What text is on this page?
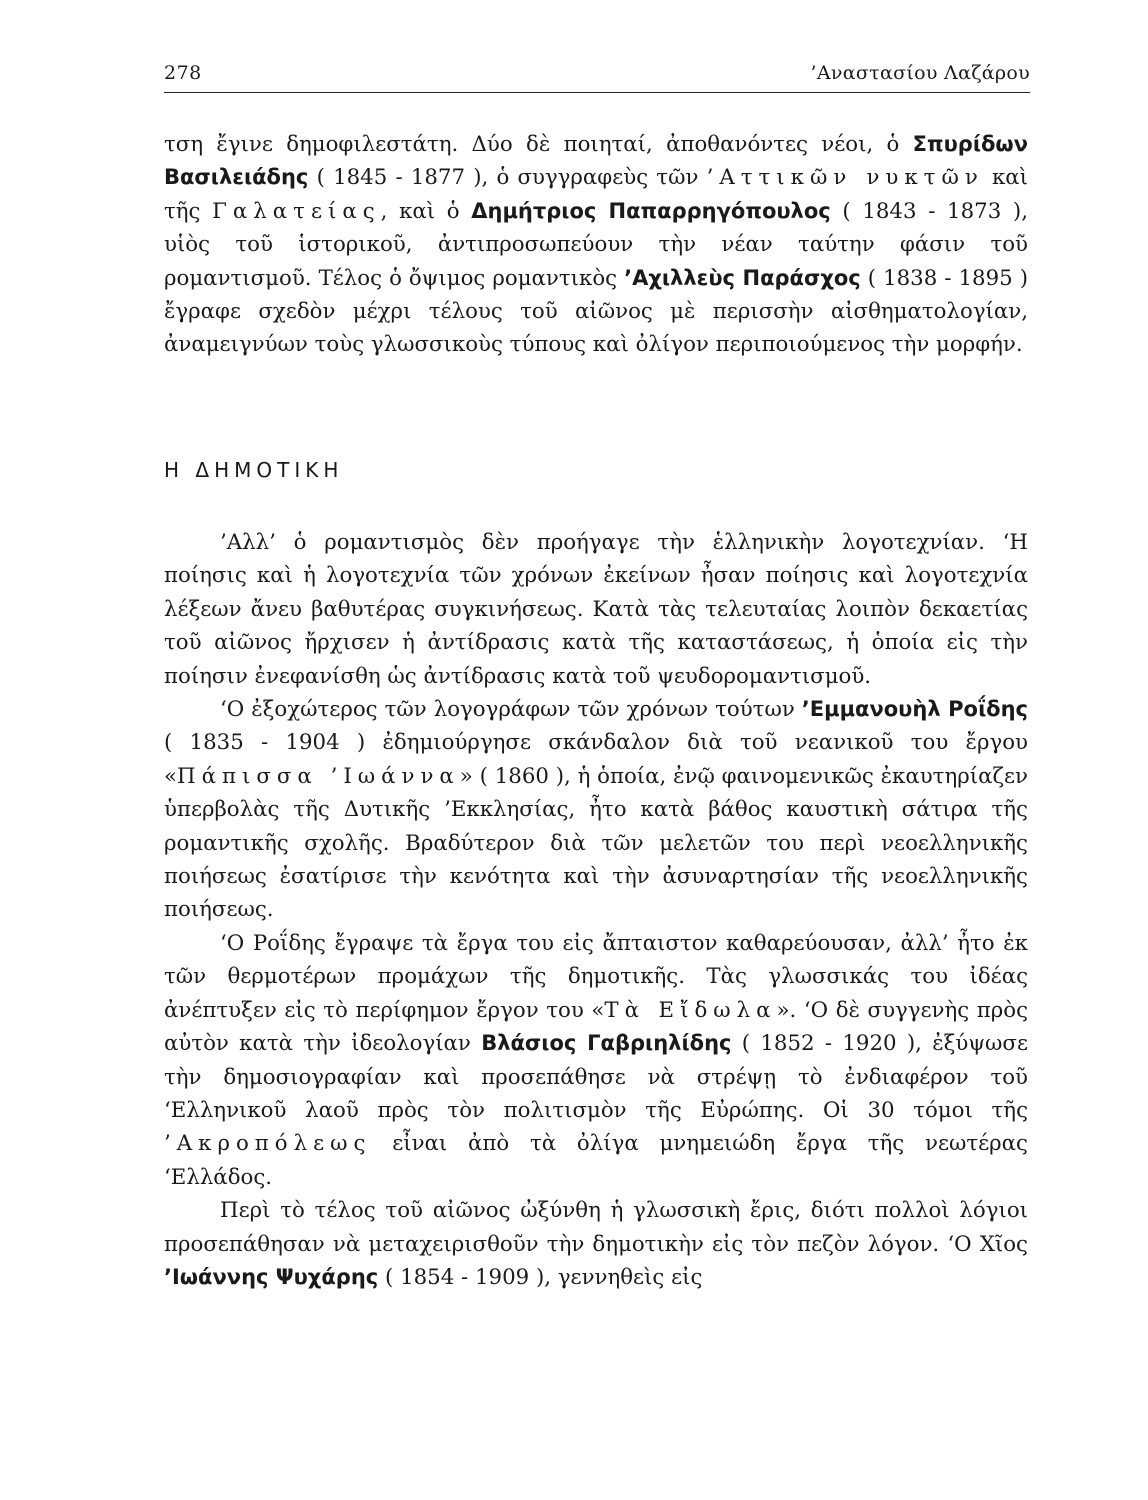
278	’Αναστασίου Λαζάρου

τση ἔγινε δημοφιλεστάτη. Δύο δὲ ποιηταί, ἀποθανόντες νέοι, ὁ Σπυρίδων Βασιλειάδης ( 1845 - 1877 ), ὁ συγγραφεὺς τῶν ’Αττικῶν νυκτῶν καὶ τῆς Γαλατείας, καὶ ὁ Δημήτριος Παπαρρηγόπουλος ( 1843 - 1873 ), υἱὸς τοῦ ἱστορικοῦ, ἀντιπροσωπεύουν τὴν νέαν ταύτην φάσιν τοῦ ρομαντισμοῦ. Τέλος ὁ ὄψιμος ρομαντικὸς ’Αχιλλεὺς Παράσχος ( 1838 - 1895 ) ἔγραφε σχεδὸν μέχρι τέλους τοῦ αἰῶνος μὲ περισσὴν αἰσθηματολογίαν, ἀναμειγνύων τοὺς γλωσσικοὺς τύπους καὶ ὀλίγον περιποιούμενος τὴν μορφήν.

Η ΔΗΜΟΤΙΚΗ

’Αλλ’ ὁ ρομαντισμὸς δὲν προήγαγε τὴν ἑλληνικὴν λογοτεχνίαν. ‘Η ποίησις καὶ ἡ λογοτεχνία τῶν χρόνων ἐκείνων ἦσαν ποίησις καὶ λογοτεχνία λέξεων ἄνευ βαθυτέρας συγκινήσεως. Κατὰ τὰς τελευταίας λοιπὸν δεκαετίας τοῦ αἰῶνος ἤρχισεν ἡ ἀντίδρασις κατὰ τῆς καταστάσεως, ἡ ὁποία εἰς τὴν ποίησιν ἐνεφανίσθη ὡς ἀντίδρασις κατὰ τοῦ ψευδορομαντισμοῦ.

‘Ο ἐξοχώτερος τῶν λογογράφων τῶν χρόνων τούτων ’Εμμανουὴλ Ροΐδης ( 1835 - 1904 ) ἐδημιούργησε σκάνδαλον διὰ τοῦ νεανικοῦ του ἔργου «Πάπισσα ’Ιωάννα» ( 1860 ), ἡ ὁποία, ἐνῷ φαινομενικῶς ἐκαυτηρίαζεν ὑπερβολὰς τῆς Δυτικῆς ’Εκκλησίας, ἦτο κατὰ βάθος καυστικὴ σάτιρα τῆς ρομαντικῆς σχολῆς. Βραδύτερον διὰ τῶν μελετῶν του περὶ νεοελληνικῆς ποιήσεως ἐσατίρισε τὴν κενότητα καὶ τὴν ἀσυναρτησίαν τῆς νεοελληνικῆς ποιήσεως.

‘Ο Ροΐδης ἔγραψε τὰ ἔργα του εἰς ἄπταιστον καθαρεύουσαν, ἀλλ’ ἦτο ἐκ τῶν θερμοτέρων προμάχων τῆς δημοτικῆς. Τὰς γλωσσικάς του ἰδέας ἀνέπτυξεν εἰς τὸ περίφημον ἔργον του «Τὰ Εἴδωλα». ‘Ο δὲ συγγενὴς πρὸς αὐτὸν κατὰ τὴν ἰδεολογίαν Βλάσιος Γαβριηλίδης ( 1852 - 1920 ), ἐξύψωσε τὴν δημοσιογραφίαν καὶ προσεπάθησε νὰ στρέψῃ τὸ ἐνδιαφέρον τοῦ ‘Ελληνικοῦ λαοῦ πρὸς τὸν πολιτισμὸν τῆς Εὐρώπης. Οἱ 30 τόμοι τῆς ’Ακροπόλεως εἶναι ἀπὸ τὰ ὀλίγα μνημειώδη ἔργα τῆς νεωτέρας ‘Ελλάδος.

Περὶ τὸ τέλος τοῦ αἰῶνος ὠξύνθη ἡ γλωσσικὴ ἔρις, διότι πολλοὶ λόγιοι προσεπάθησαν νὰ μεταχειρισθοῦν τὴν δημοτικὴν εἰς τὸν πεζὸν λόγον. ‘Ο Χῖος ’Ιωάννης Ψυχάρης ( 1854 - 1909 ), γεννηθεὶς εἰς
